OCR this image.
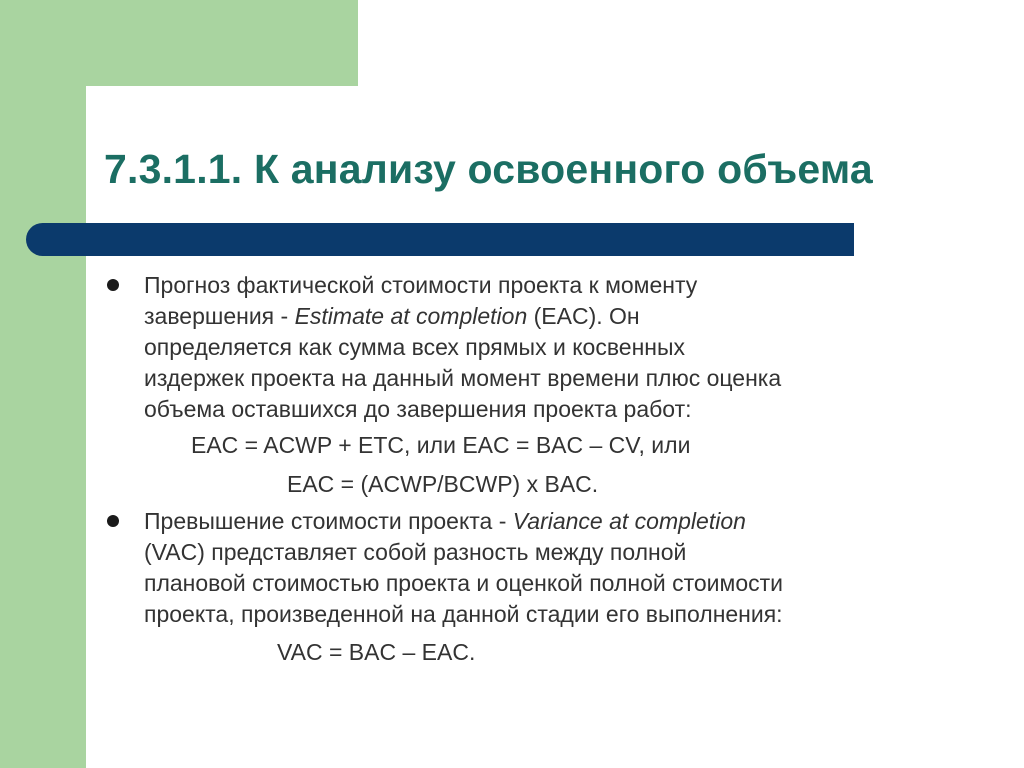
7.3.1.1. К анализу освоенного объема

Прогноз фактической стоимости проекта к моменту
завершения - Estimate at completion (EAC). Он
определяется как сумма всех прямых и косвенных
издержек проекта на данный момент времени плюс оценка
объема оставшихся до завершения проекта работ:

EAC = ACWP + ETC, или EAC = BAC – CV, или

EAC = (ACWP/BCWP) х BAC.

Превышение стоимости проекта - Variance at completion
(VAC) представляет собой разность между полной
плановой стоимостью проекта и оценкой полной стоимости
проекта, произведенной на данной стадии его выполнения:

VAC = BAC – EAC.
